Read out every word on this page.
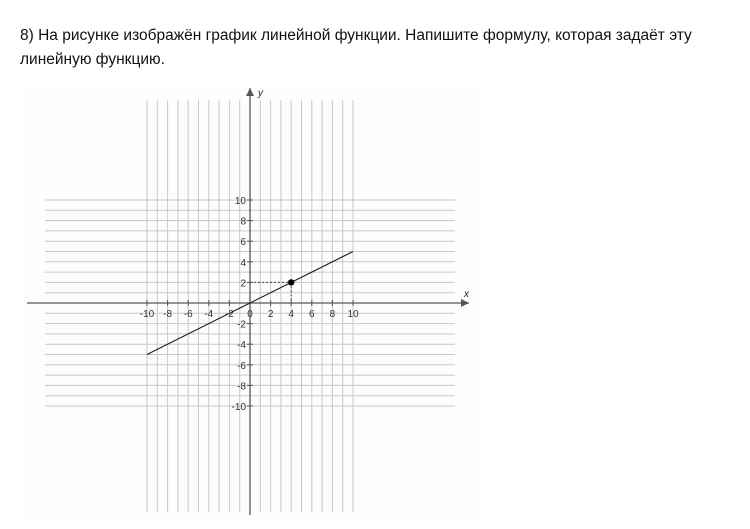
8) На рисунке изображён график линейной функции. Напишите формулу, которая задаёт эту
линейную функцию.
-10 -8 -6 -4 -2 0 2 4 6 8 10
10
8
6
4
2
-2
-4
-6
-8
-10
x
y
